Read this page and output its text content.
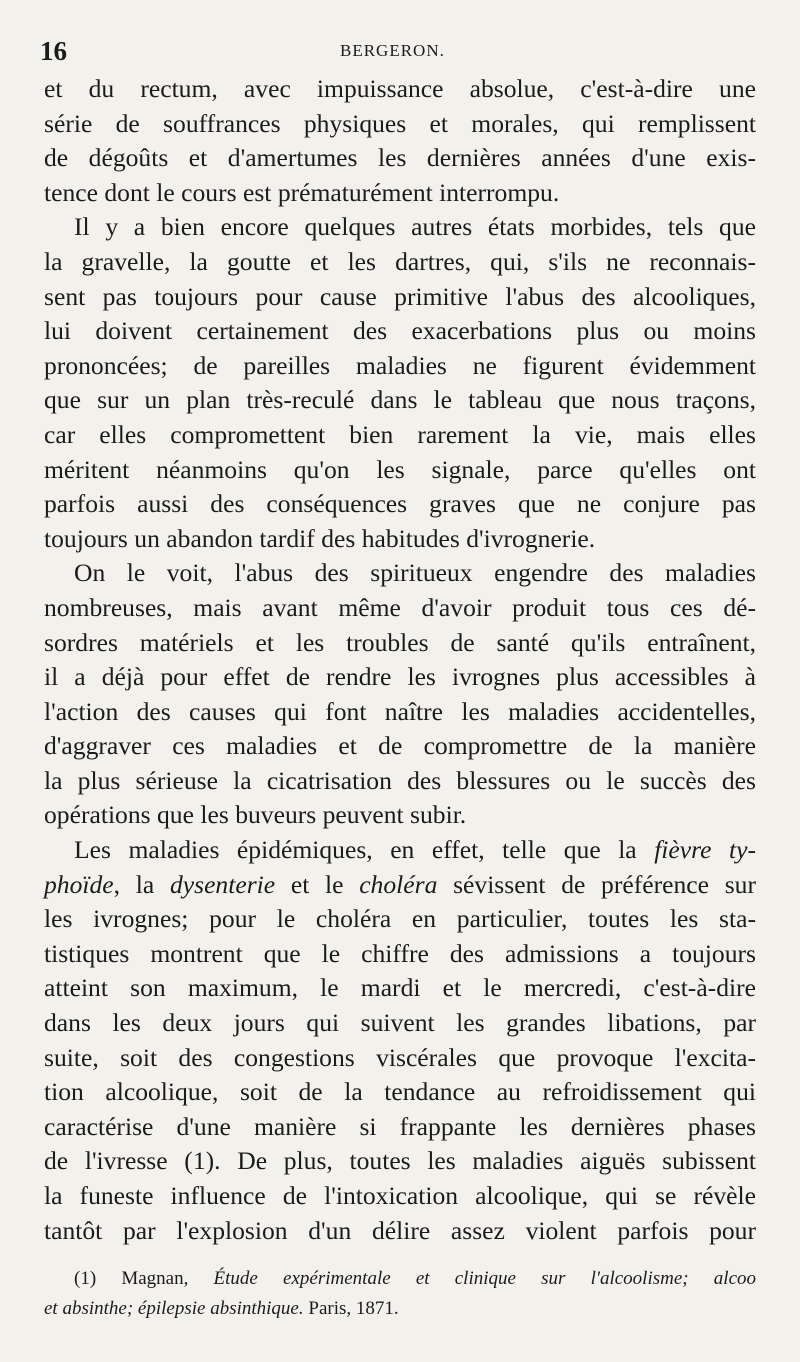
16	BERGERON.
et du rectum, avec impuissance absolue, c'est-à-dire une
série de souffrances physiques et morales, qui remplissent
de dégoûts et d'amertumes les dernières années d'une exis-
tence dont le cours est prématurément interrompu.
Il y a bien encore quelques autres états morbides, tels que
la gravelle, la goutte et les dartres, qui, s'ils ne reconnais-
sent pas toujours pour cause primitive l'abus des alcooliques,
lui doivent certainement des exacerbations plus ou moins
prononcées; de pareilles maladies ne figurent évidemment
que sur un plan très-reculé dans le tableau que nous traçons,
car elles compromettent bien rarement la vie, mais elles
méritent néanmoins qu'on les signale, parce qu'elles ont
parfois aussi des conséquences graves que ne conjure pas
toujours un abandon tardif des habitudes d'ivrognerie.
On le voit, l'abus des spiritueux engendre des maladies
nombreuses, mais avant même d'avoir produit tous ces dé-
sordres matériels et les troubles de santé qu'ils entraînent,
il a déjà pour effet de rendre les ivrognes plus accessibles à
l'action des causes qui font naître les maladies accidentelles,
d'aggraver ces maladies et de compromettre de la manière
la plus sérieuse la cicatrisation des blessures ou le succès des
opérations que les buveurs peuvent subir.
Les maladies épidémiques, en effet, telle que la fièvre ty-
phoïde, la dysenterie et le choléra sévissent de préférence sur
les ivrognes; pour le choléra en particulier, toutes les sta-
tistiques montrent que le chiffre des admissions a toujours
atteint son maximum, le mardi et le mercredi, c'est-à-dire
dans les deux jours qui suivent les grandes libations, par
suite, soit des congestions viscérales que provoque l'excita-
tion alcoolique, soit de la tendance au refroidissement qui
caractérise d'une manière si frappante les dernières phases
de l'ivresse (1). De plus, toutes les maladies aiguës subissent
la funeste influence de l'intoxication alcoolique, qui se révèle
tantôt par l'explosion d'un délire assez violent parfois pour
(1) Magnan, Étude expérimentale et clinique sur l'alcoolisme; alcoo
et absinthe; épilepsie absinthique. Paris, 1871.
